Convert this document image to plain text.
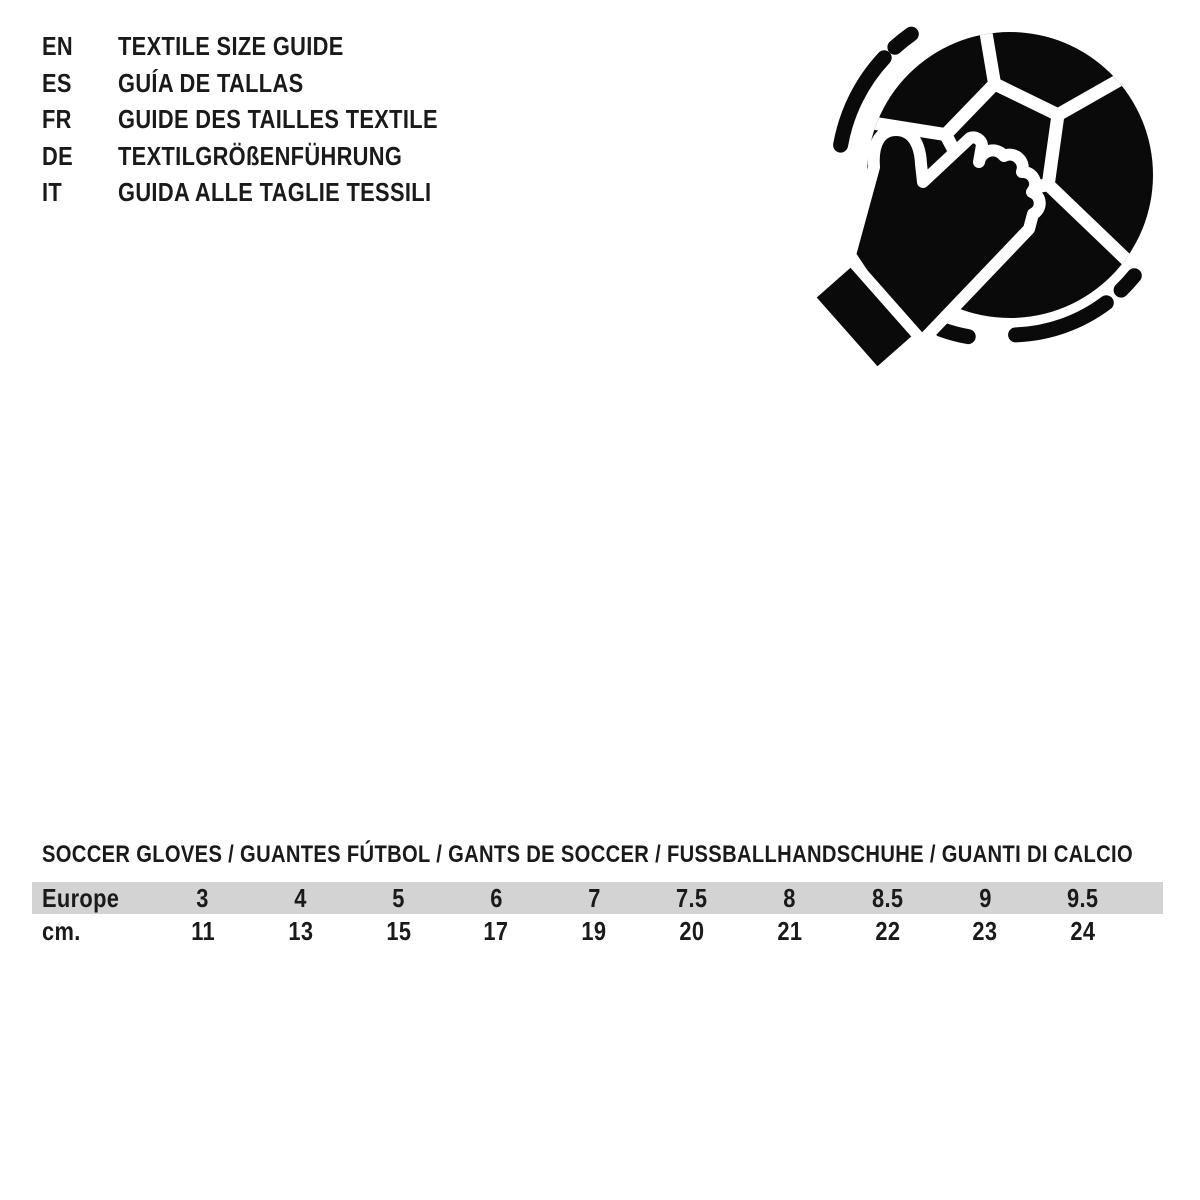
EN	TEXTILE SIZE GUIDE
ES	GUÍA DE TALLAS
FR	GUIDE DES TAILLES TEXTILE
DE	TEXTILGRÖßENFÜHRUNG
IT	GUIDA ALLE TAGLIE TESSILI
SOCCER GLOVES / GUANTES FÚTBOL / GANTS DE SOCCER / FUSSBALLHANDSCHUHE / GUANTI DI CALCIO
Europe	3	4	5	6	7	7.5	8	8.5	9	9.5	
cm.	11	13	15	17	19	20	21	22	23	24	
